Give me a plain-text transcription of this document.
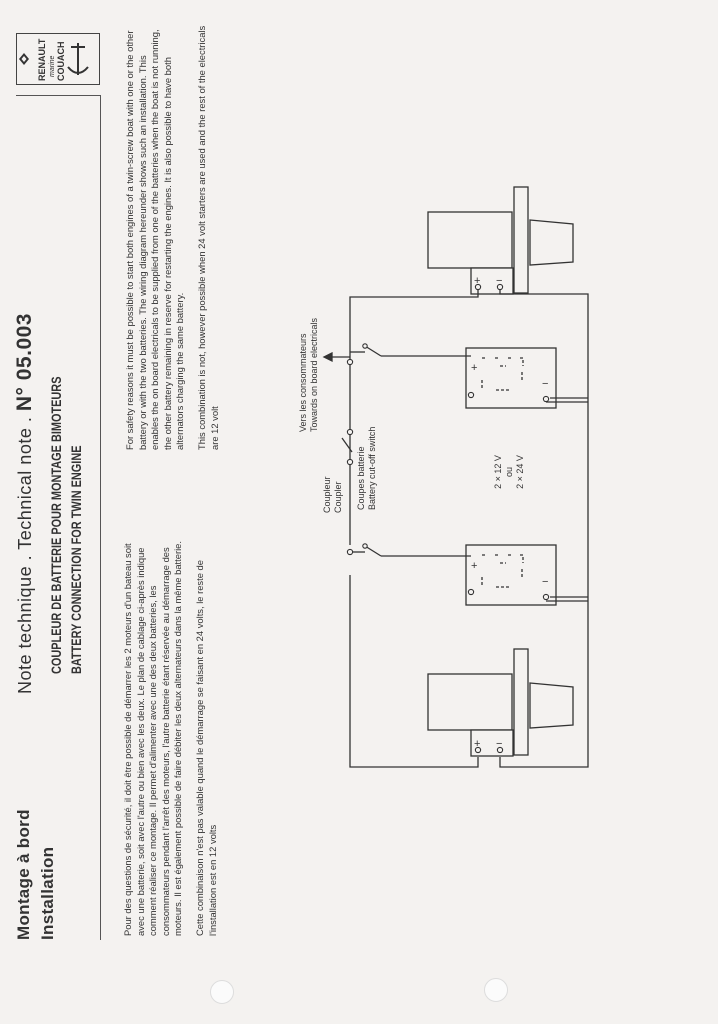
RENAULT marine COUACH
Montage à bord Installation
Note technique . Technical note . N° 05.003
COUPLEUR DE BATTERIE POUR MONTAGE BIMOTEURS BATTERY CONNECTION FOR TWIN ENGINE	Pour des questions de sécurité, il doit être possible de démarrer les 2 moteurs d'un bateau soit avec une batterie, soit avec l'autre ou bien avec les deux. Le plan de cablage ci-après indique comment réaliser ce montage. Il permet d'alimenter avec une des deux batteries, les consommateurs pendant l'arrêt des moteurs, l'autre batterie étant réservée au démarrage des moteurs. Il est également possible de faire débiter les deux alternateurs dans la même batterie. Cette combinaison n'est pas valable quand le démarrage se faisant en 24 volts, le reste de l'installation est en 12 volts

For safety reasons it must be possible to start both engines of a twin-screw boat with one or the other battery or with the two batteries. The wiring diagram hereunder shows such an installation. This enables the on board electricals to be supplied from one of the batteries when the boat is not running, the other battery remaining in reserve for restarting the engines. It is also possible to have both alternators charging the same battery. This combination is not, however possible when 24 volt starters are used and the rest of the electricals are 12 volt	Vers les consommateurs Towards on board electricals
Coupleur Coupler Coupes batterie Battery cut-off switch	2 × 12 V ou 2 × 24 V
+ −
+ −
+
−
+
−
